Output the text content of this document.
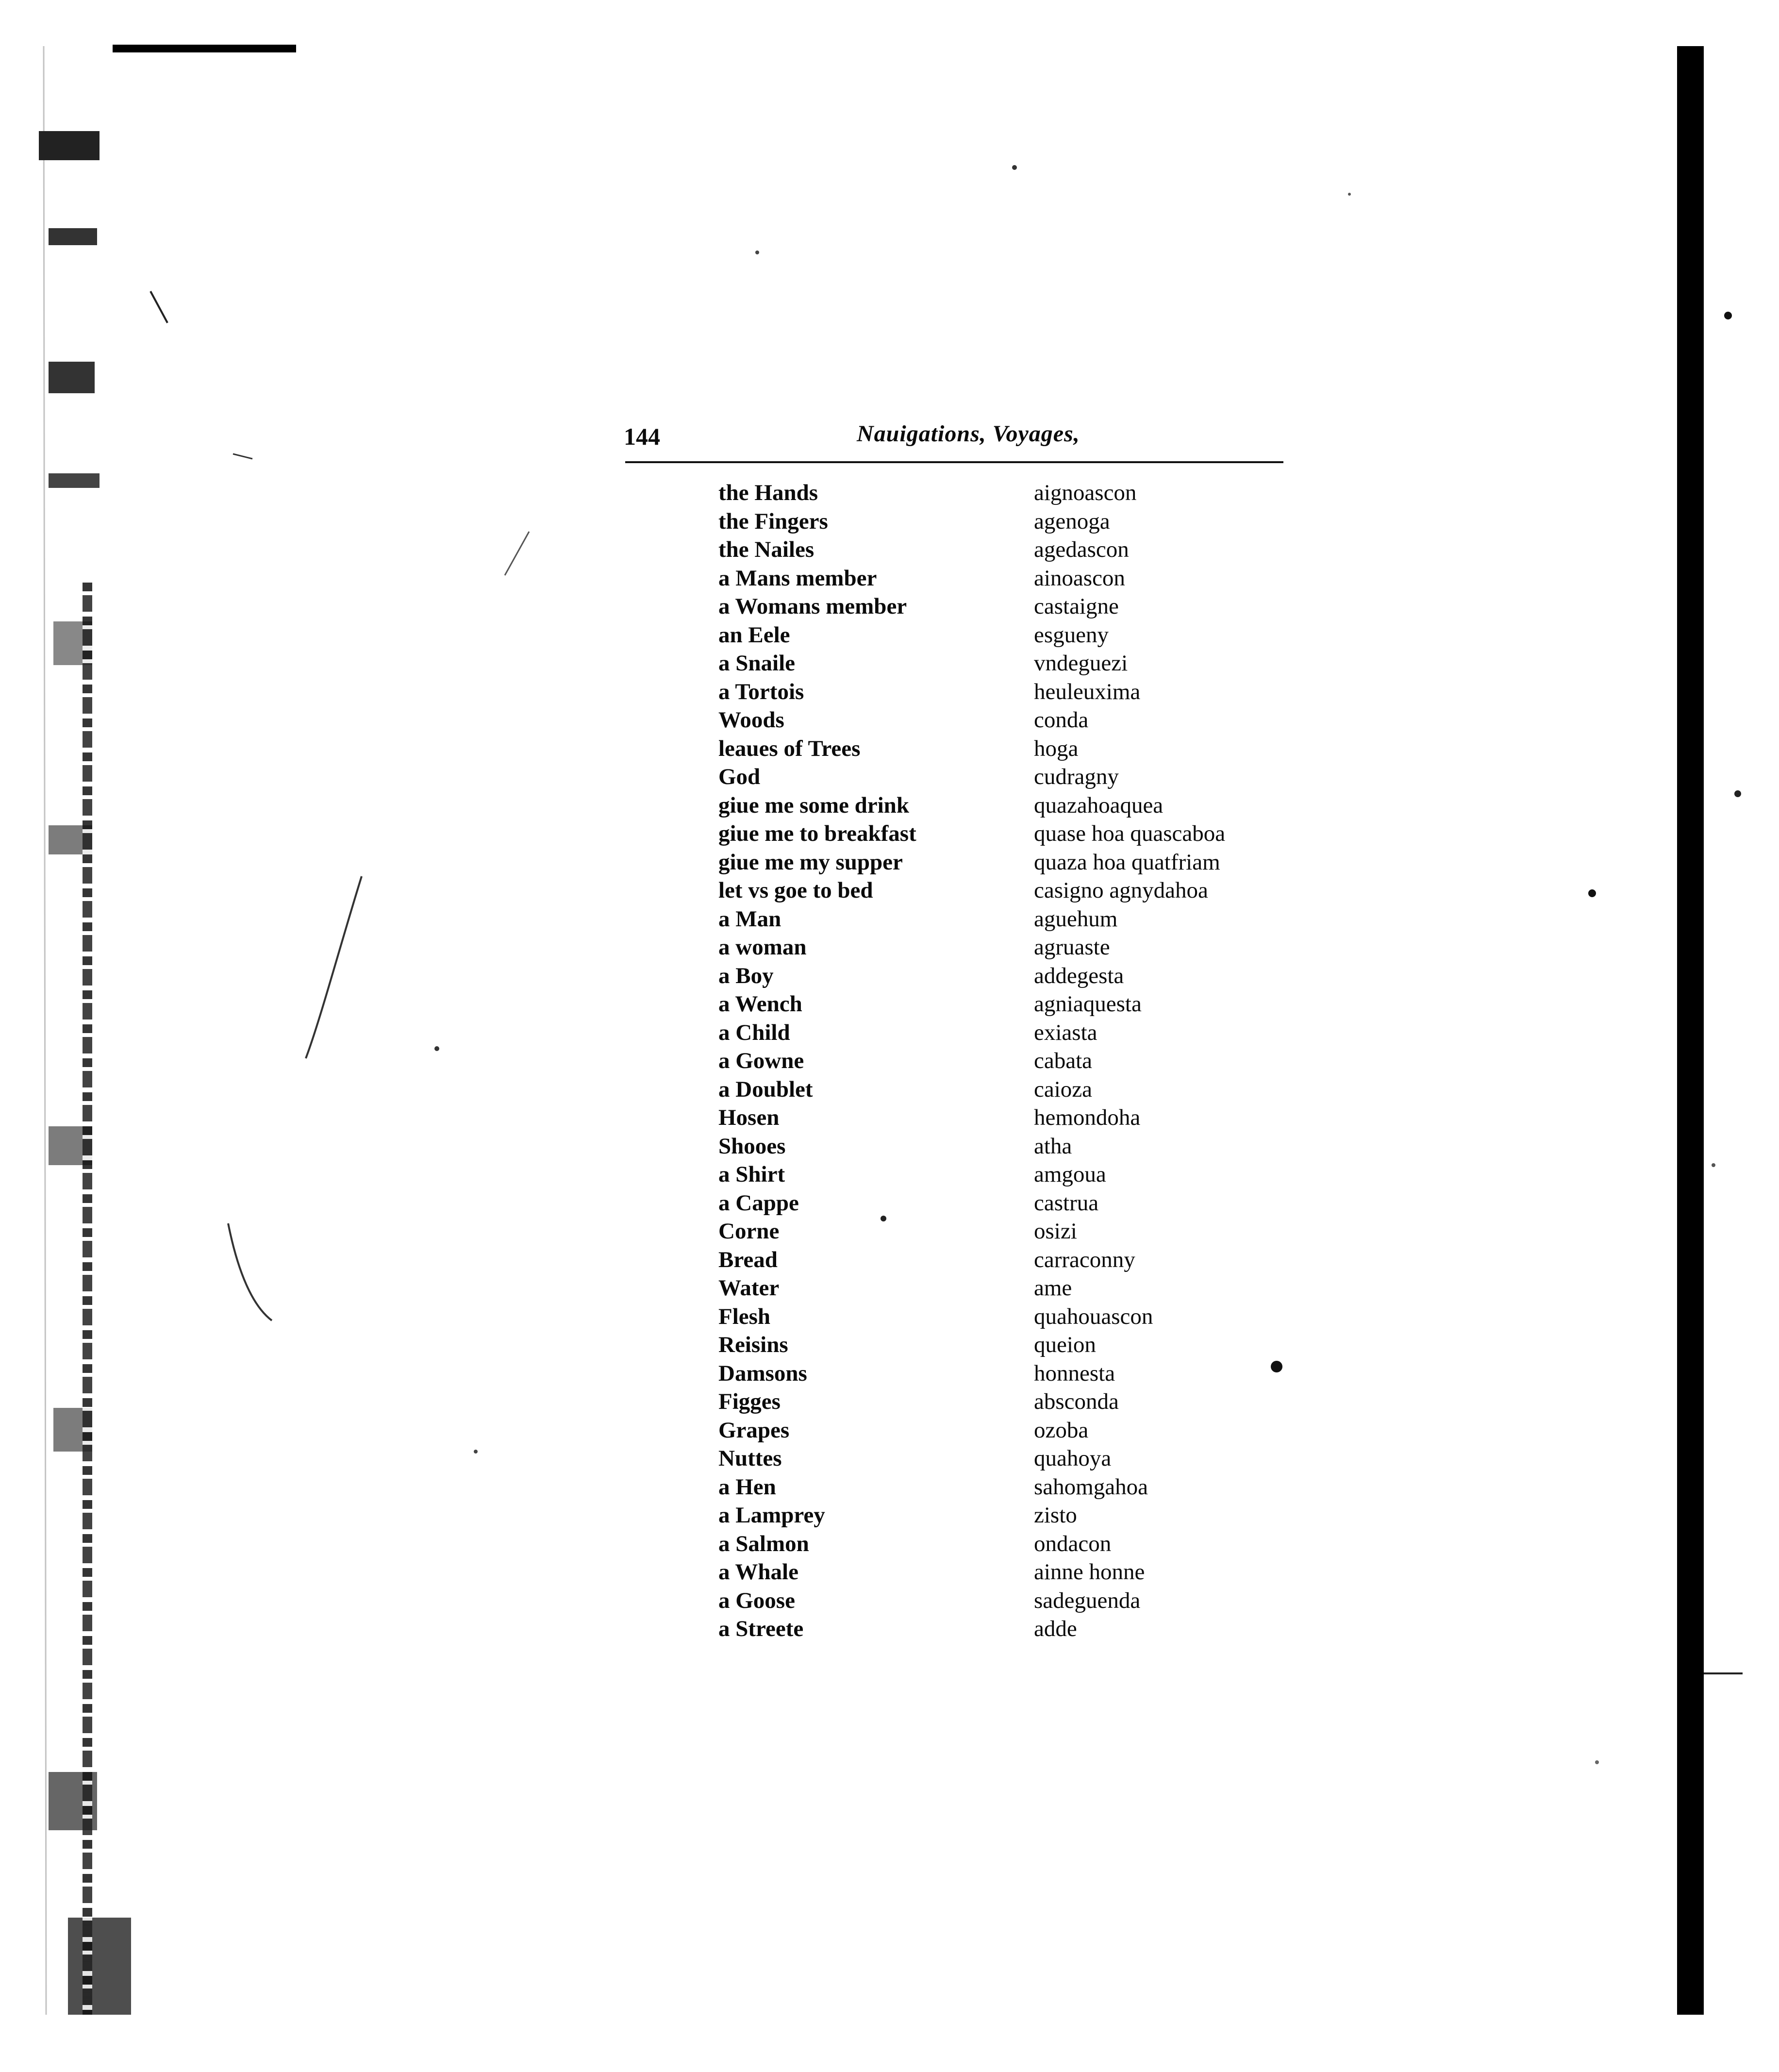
144	Nauigations, Voyages,
the Hands	aignoascon
the Fingers	agenoga
the Nailes	agedascon
a Mans member	ainoascon
a Womans member	castaigne
an Eele	esgueny
a Snaile	vndeguezi
a Tortois	heuleuxima
Woods	conda
leaues of Trees	hoga
God	cudragny
giue me some drink	quazahoaquea
giue me to breakfast	quase hoa quascaboa
giue me my supper	quaza hoa quatfriam
let vs goe to bed	casigno agnydahoa
a Man	aguehum
a woman	agruaste
a Boy	addegesta
a Wench	agniaquesta
a Child	exiasta
a Gowne	cabata
a Doublet	caioza
Hosen	hemondoha
Shooes	atha
a Shirt	amgoua
a Cappe	castrua
Corne	osizi
Bread	carraconny
Water	ame
Flesh	quahouascon
Reisins	queion
Damsons	honnesta
Figges	absconda
Grapes	ozoba
Nuttes	quahoya
a Hen	sahomgahoa
a Lamprey	zisto
a Salmon	ondacon
a Whale	ainne honne
a Goose	sadeguenda
a Streete	adde
